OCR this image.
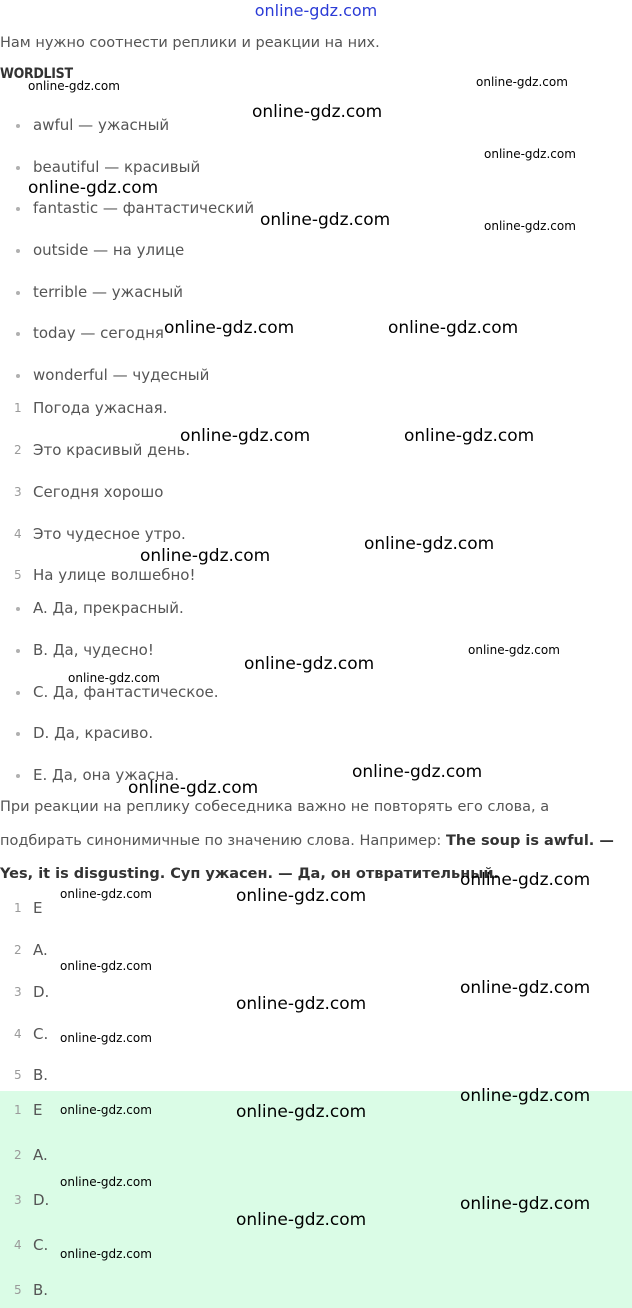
online-gdz.com
Нам нужно соотнести реплики и реакции на них.
WORDLIST
awful — ужасный
beautiful — красивый
fantastic — фантастический
outside — на улице
terrible — ужасный
today — сегодня
wonderful — чудесный
1 Погода ужасная.
2 Это красивый день.
3 Сегодня хорошо
4 Это чудесное утро.
5 На улице волшебно!
A. Да, прекрасный.
B. Да, чудесно!
C. Да, фантастическое.
D. Да, красиво.
E. Да, она ужасна.
При реакции на реплику собеседника важно не повторять его слова, а
подбирать синонимичные по значению слова. Например: The soup is awful. —
Yes, it is disgusting. Суп ужасен. — Да, он отвратительный.
1 E
2 A.
3 D.
4 C.
5 B.
1 E
2 A.
3 D.
4 C.
5 B.
online-gdz.com	online-gdz.com
online-gdz.com
online-gdz.com
online-gdz.com
online-gdz.com	online-gdz.com
online-gdz.com	online-gdz.com
online-gdz.com	online-gdz.com
online-gdz.com
online-gdz.com
online-gdz.com
online-gdz.com
online-gdz.com
online-gdz.com
online-gdz.com
online-gdz.com
online-gdz.com	online-gdz.com
online-gdz.com
online-gdz.com
online-gdz.com
online-gdz.com
online-gdz.com
online-gdz.com	online-gdz.com
online-gdz.com
online-gdz.com
online-gdz.com
online-gdz.com
